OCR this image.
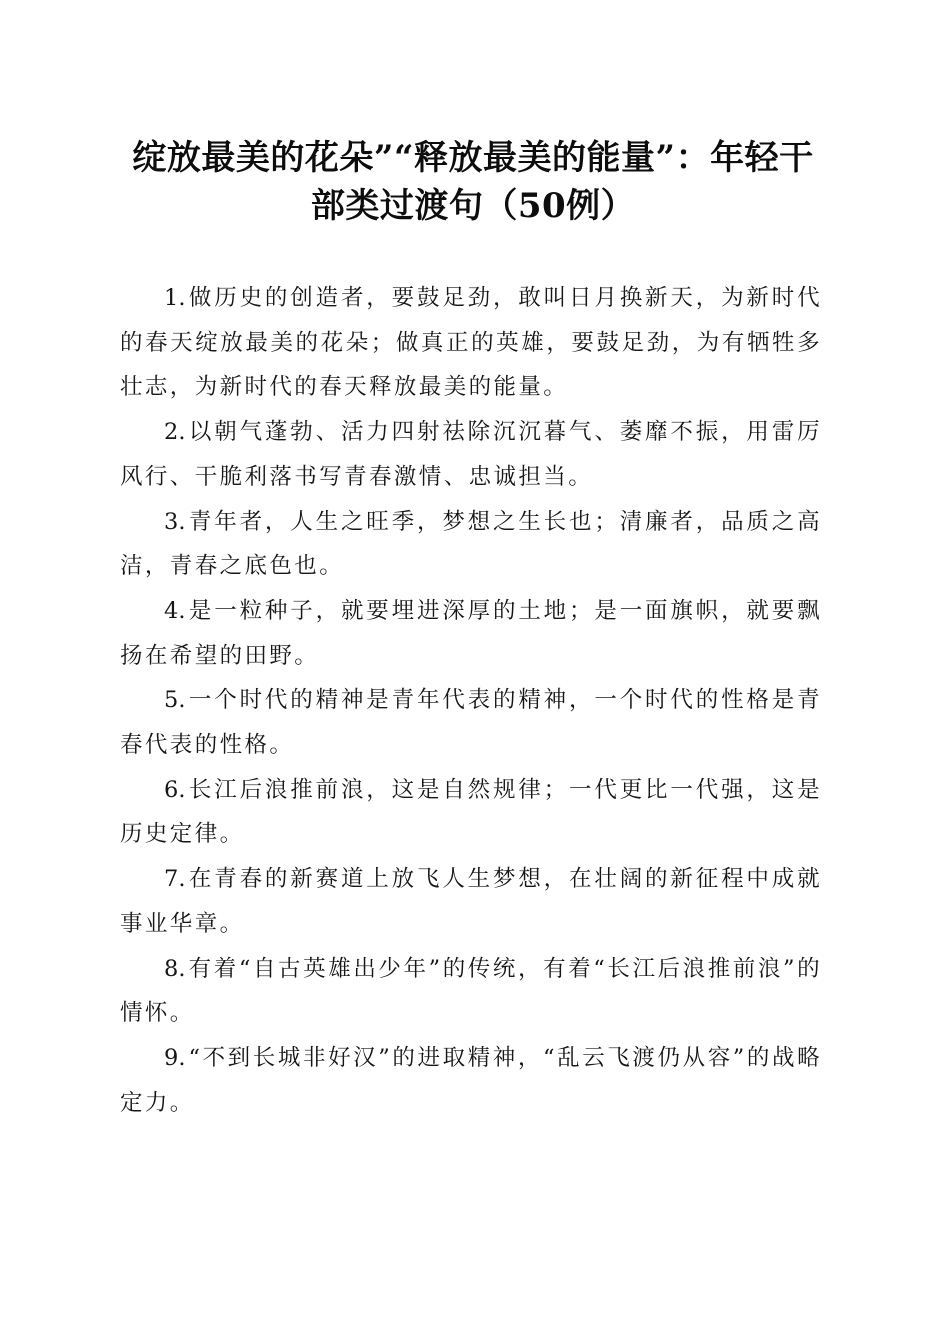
绽放最美的花朵”“释放最美的能量”：年轻干部类过渡句（50例）

1. 做历史的创造者，要鼓足劲，敢叫日月换新天，为新时代的春天绽放最美的花朵；做真正的英雄，要鼓足劲，为有牺牲多壮志，为新时代的春天释放最美的能量。

2. 以朝气蓬勃、活力四射祛除沉沉暮气、萎靡不振，用雷厉风行、干脆利落书写青春激情、忠诚担当。

3. 青年者，人生之旺季，梦想之生长也；清廉者，品质之高洁，青春之底色也。

4. 是一粒种子，就要埋进深厚的土地；是一面旗帜，就要飘扬在希望的田野。

5. 一个时代的精神是青年代表的精神，一个时代的性格是青春代表的性格。

6. 长江后浪推前浪，这是自然规律；一代更比一代强，这是历史定律。

7. 在青春的新赛道上放飞人生梦想，在壮阔的新征程中成就事业华章。

8. 有着“自古英雄出少年”的传统，有着“长江后浪推前浪”的情怀。

9. “不到长城非好汉”的进取精神，“乱云飞渡仍从容”的战略定力。
